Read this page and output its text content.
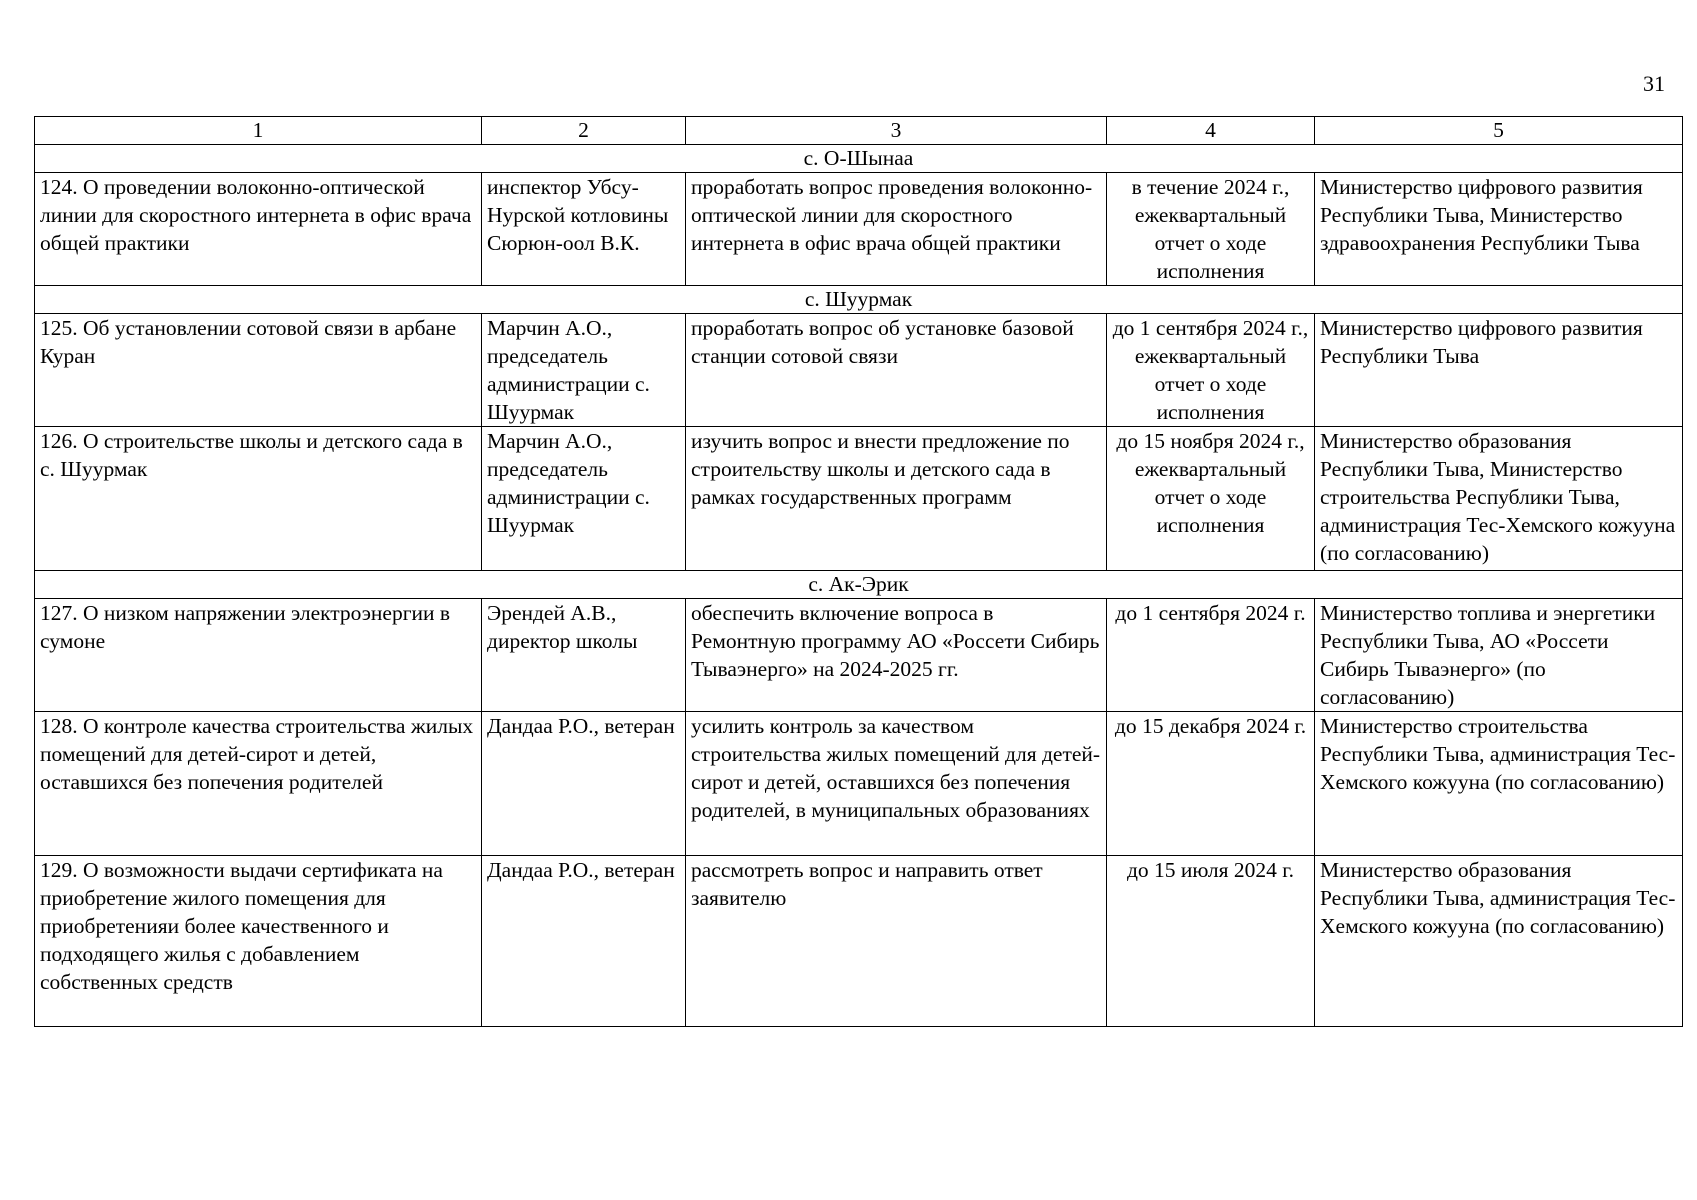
31
1	2	3	4	5
с. О-Шынаа				
124. О проведении волоконно-оптической линии для скоростного интернета в офис врача общей практики	инспектор Убсу-Нурской котловины Сюрюн-оол В.К.	проработать вопрос проведения волоконно-оптической линии для скоростного интернета в офис врача общей практики	в течение 2024 г., ежеквартальный отчет о ходе исполнения	Министерство цифрового развития Республики Тыва, Министерство здравоохранения Республики Тыва
с. Шуурмак				
125. Об установлении сотовой связи в арбане Куран	Марчин А.О., председатель администрации с. Шуурмак	проработать вопрос об установке базовой станции сотовой связи	до 1 сентября 2024 г., ежеквартальный отчет о ходе исполнения	Министерство цифрового развития Республики Тыва
126. О строительстве школы и детского сада в с. Шуурмак	Марчин А.О., председатель администрации с. Шуурмак	изучить вопрос и внести предложение по строительству школы и детского сада в рамках государственных программ	до 15 ноября 2024 г., ежеквартальный отчет о ходе исполнения	Министерство образования Республики Тыва, Министерство строительства Республики Тыва, администрация Тес-Хемского кожууна (по согласованию)
с. Ак-Эрик				
127. О низком напряжении электроэнергии в сумоне	Эрендей А.В., директор школы	обеспечить включение вопроса в Ремонтную программу АО «Россети Сибирь Тываэнерго» на 2024-2025 гг.	до 1 сентября 2024 г.	Министерство топлива и энергетики Республики Тыва, АО «Россети Сибирь Тываэнерго» (по согласованию)
128. О контроле качества строительства жилых помещений для детей-сирот и детей, оставшихся без попечения родителей	Дандаа Р.О., ветеран	усилить контроль за качеством строительства жилых помещений для детей-сирот и детей, оставшихся без попечения родителей, в муниципальных образованиях	до 15 декабря 2024 г.	Министерство строительства Республики Тыва, администрация Тес-Хемского кожууна (по согласованию)
129. О возможности выдачи сертификата на приобретение жилого помещения для приобретенияи более качественного и подходящего жилья с добавлением собственных средств	Дандаа Р.О., ветеран	рассмотреть вопрос и направить ответ заявителю	до 15 июля 2024 г.	Министерство образования Республики Тыва, администрация Тес-Хемского кожууна (по согласованию)
